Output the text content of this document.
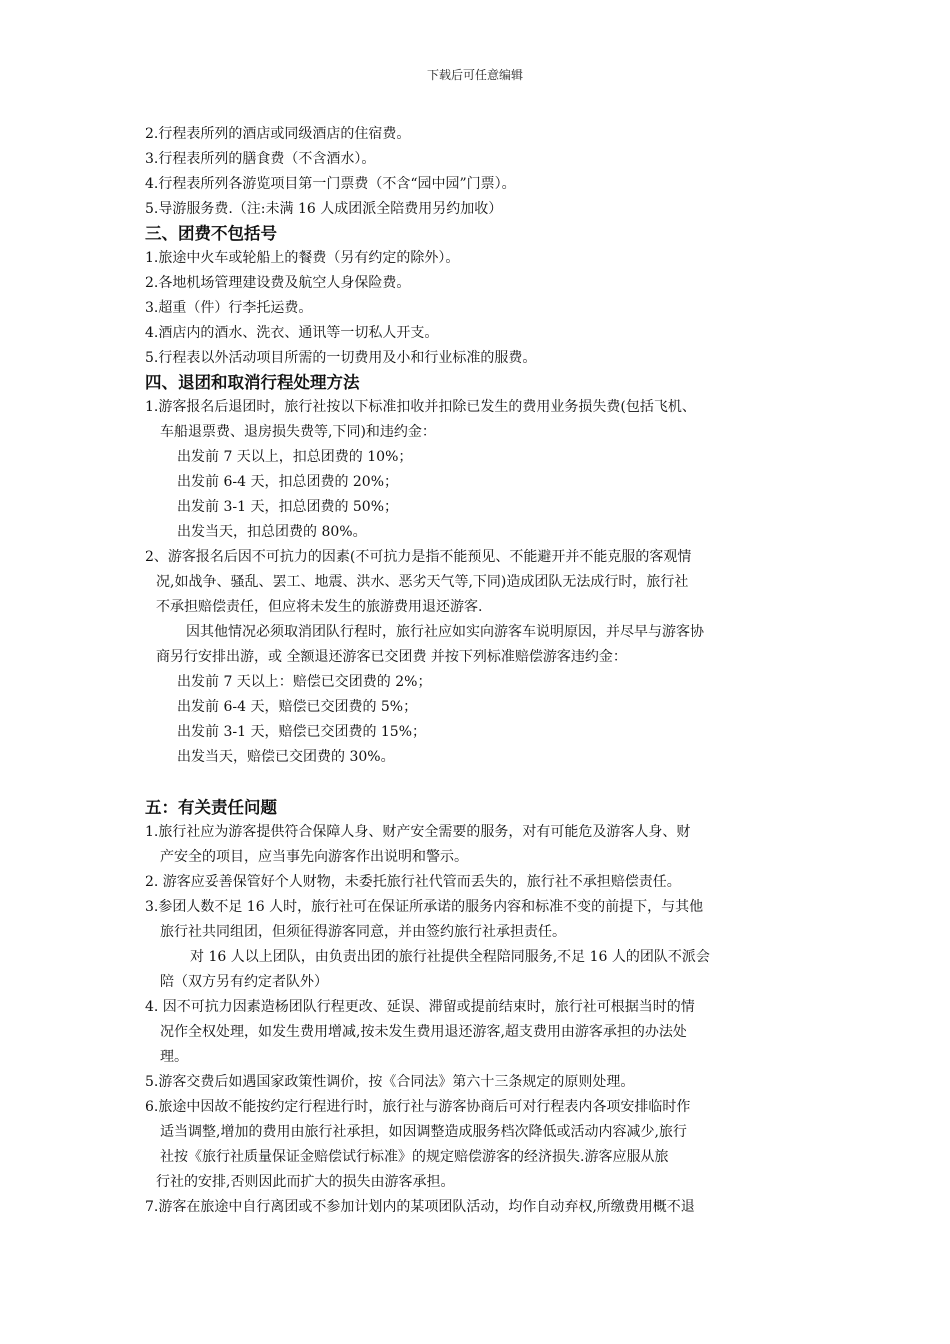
下载后可任意编辑
2.行程表所列的酒店或同级酒店的住宿费。
3.行程表所列的膳食费（不含酒水）。
4.行程表所列各游览项目第一门票费（不含“园中园”门票）。
5.导游服务费.（注:未满 16 人成团派全陪费用另约加收）
三、团费不包括号
1.旅途中火车或轮船上的餐费（另有约定的除外）。
2.各地机场管理建设费及航空人身保险费。
3.超重（件）行李托运费。
4.酒店内的酒水、洗衣、通讯等一切私人开支。
5.行程表以外活动项目所需的一切费用及小和行业标准的服费。
四、退团和取消行程处理方法
1.游客报名后退团时，旅行社按以下标准扣收并扣除已发生的费用业务损失费(包括飞机、
车船退票费、退房损失费等,下同)和违约金：
出发前 7 天以上，扣总团费的 10%；
出发前 6-4 天，扣总团费的 20%；
出发前 3-1 天，扣总团费的 50%；
出发当天，扣总团费的 80%。
2、游客报名后因不可抗力的因素(不可抗力是指不能预见、不能避开并不能克服的客观情
况,如战争、骚乱、罢工、地震、洪水、恶劣天气等,下同)造成团队无法成行时，旅行社
不承担赔偿责任，但应将未发生的旅游费用退还游客.
因其他情况必须取消团队行程时，旅行社应如实向游客车说明原因，并尽早与游客协
商另行安排出游，或 全额退还游客已交团费 并按下列标准赔偿游客违约金：
出发前 7 天以上：赔偿已交团费的 2%；
出发前 6-4 天，赔偿已交团费的 5%；
出发前 3-1 天，赔偿已交团费的 15%；
出发当天，赔偿已交团费的 30%。
五：有关责任问题
1.旅行社应为游客提供符合保障人身、财产安全需要的服务，对有可能危及游客人身、财
产安全的项目，应当事先向游客作出说明和警示。
2. 游客应妥善保管好个人财物，未委托旅行社代管而丢失的，旅行社不承担赔偿责任。
3.参团人数不足 16 人时，旅行社可在保证所承诺的服务内容和标准不变的前提下，与其他
旅行社共同组团，但须征得游客同意，并由签约旅行社承担责任。
对 16 人以上团队，由负责出团的旅行社提供全程陪同服务,不足 16 人的团队不派会
陪（双方另有约定者队外）
4. 因不可抗力因素造杨团队行程更改、延误、滞留或提前结束时，旅行社可根据当时的情
况作全权处理，如发生费用增减,按未发生费用退还游客,超支费用由游客承担的办法处
理。
5.游客交费后如遇国家政策性调价，按《合同法》第六十三条规定的原则处理。
6.旅途中因故不能按约定行程进行时，旅行社与游客协商后可对行程表内各项安排临时作
适当调整,增加的费用由旅行社承担，如因调整造成服务档次降低或活动内容减少,旅行
社按《旅行社质量保证金赔偿试行标准》的规定赔偿游客的经济损失.游客应服从旅
行社的安排,否则因此而扩大的损失由游客承担。
7.游客在旅途中自行离团或不参加计划内的某项团队活动，均作自动弃权,所缴费用概不退
